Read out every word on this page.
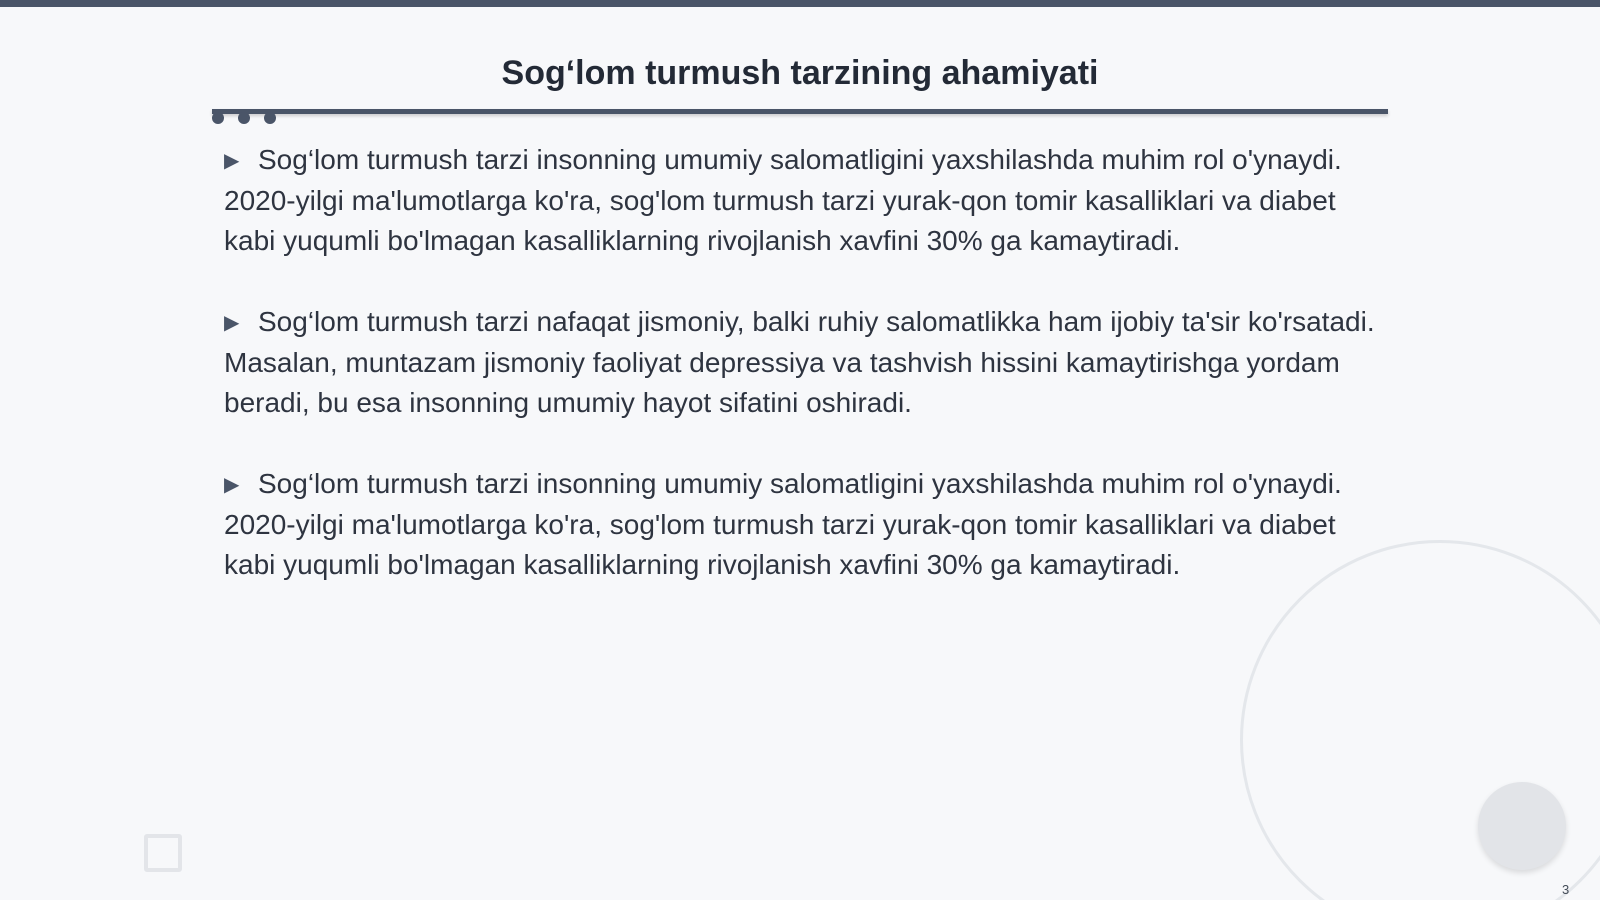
Sog‘lom turmush tarzining ahamiyati
▶ Sog‘lom turmush tarzi insonning umumiy salomatligini yaxshilashda muhim rol o'ynaydi. 2020-yilgi ma'lumotlarga ko'ra, sog'lom turmush tarzi yurak-qon tomir kasalliklari va diabet kabi yuqumli bo'lmagan kasalliklarning rivojlanish xavfini 30% ga kamaytiradi.
▶ Sog‘lom turmush tarzi nafaqat jismoniy, balki ruhiy salomatlikka ham ijobiy ta'sir ko'rsatadi. Masalan, muntazam jismoniy faoliyat depressiya va tashvish hissini kamaytirishga yordam beradi, bu esa insonning umumiy hayot sifatini oshiradi.
▶ Sog‘lom turmush tarzi insonning umumiy salomatligini yaxshilashda muhim rol o'ynaydi. 2020-yilgi ma'lumotlarga ko'ra, sog'lom turmush tarzi yurak-qon tomir kasalliklari va diabet kabi yuqumli bo'lmagan kasalliklarning rivojlanish xavfini 30% ga kamaytiradi.
3
